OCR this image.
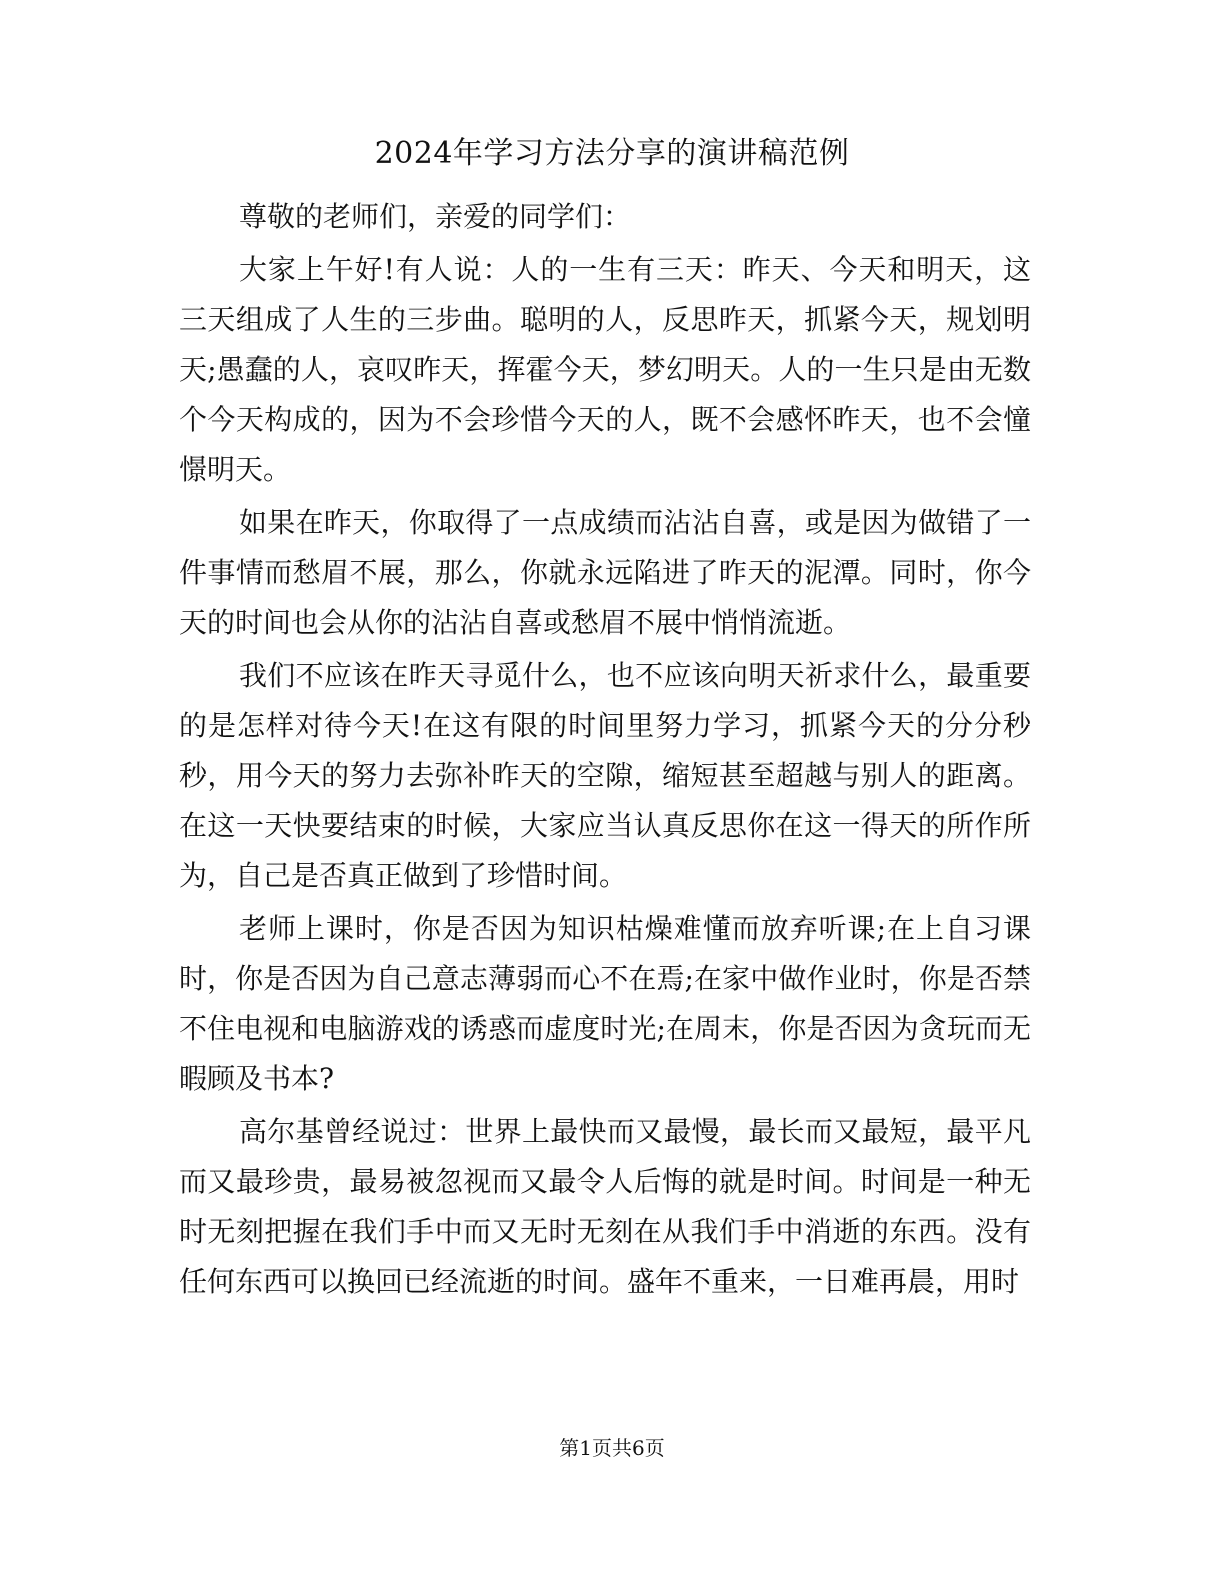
2024年学习方法分享的演讲稿范例

尊敬的老师们，亲爱的同学们：

大家上午好!有人说：人的一生有三天：昨天、今天和明天，这三天组成了人生的三步曲。聪明的人，反思昨天，抓紧今天，规划明天;愚蠢的人，哀叹昨天，挥霍今天，梦幻明天。人的一生只是由无数个今天构成的，因为不会珍惜今天的人，既不会感怀昨天，也不会憧憬明天。

如果在昨天，你取得了一点成绩而沾沾自喜，或是因为做错了一件事情而愁眉不展，那么，你就永远陷进了昨天的泥潭。同时，你今天的时间也会从你的沾沾自喜或愁眉不展中悄悄流逝。

我们不应该在昨天寻觅什么，也不应该向明天祈求什么，最重要的是怎样对待今天!在这有限的时间里努力学习，抓紧今天的分分秒秒，用今天的努力去弥补昨天的空隙，缩短甚至超越与别人的距离。在这一天快要结束的时候，大家应当认真反思你在这一得天的所作所为，自己是否真正做到了珍惜时间。

老师上课时，你是否因为知识枯燥难懂而放弃听课;在上自习课时，你是否因为自己意志薄弱而心不在焉;在家中做作业时，你是否禁不住电视和电脑游戏的诱惑而虚度时光;在周末，你是否因为贪玩而无暇顾及书本?

高尔基曾经说过：世界上最快而又最慢，最长而又最短，最平凡而又最珍贵，最易被忽视而又最令人后悔的就是时间。时间是一种无时无刻把握在我们手中而又无时无刻在从我们手中消逝的东西。没有任何东西可以换回已经流逝的时间。盛年不重来，一日难再晨，用时

第1页共6页
